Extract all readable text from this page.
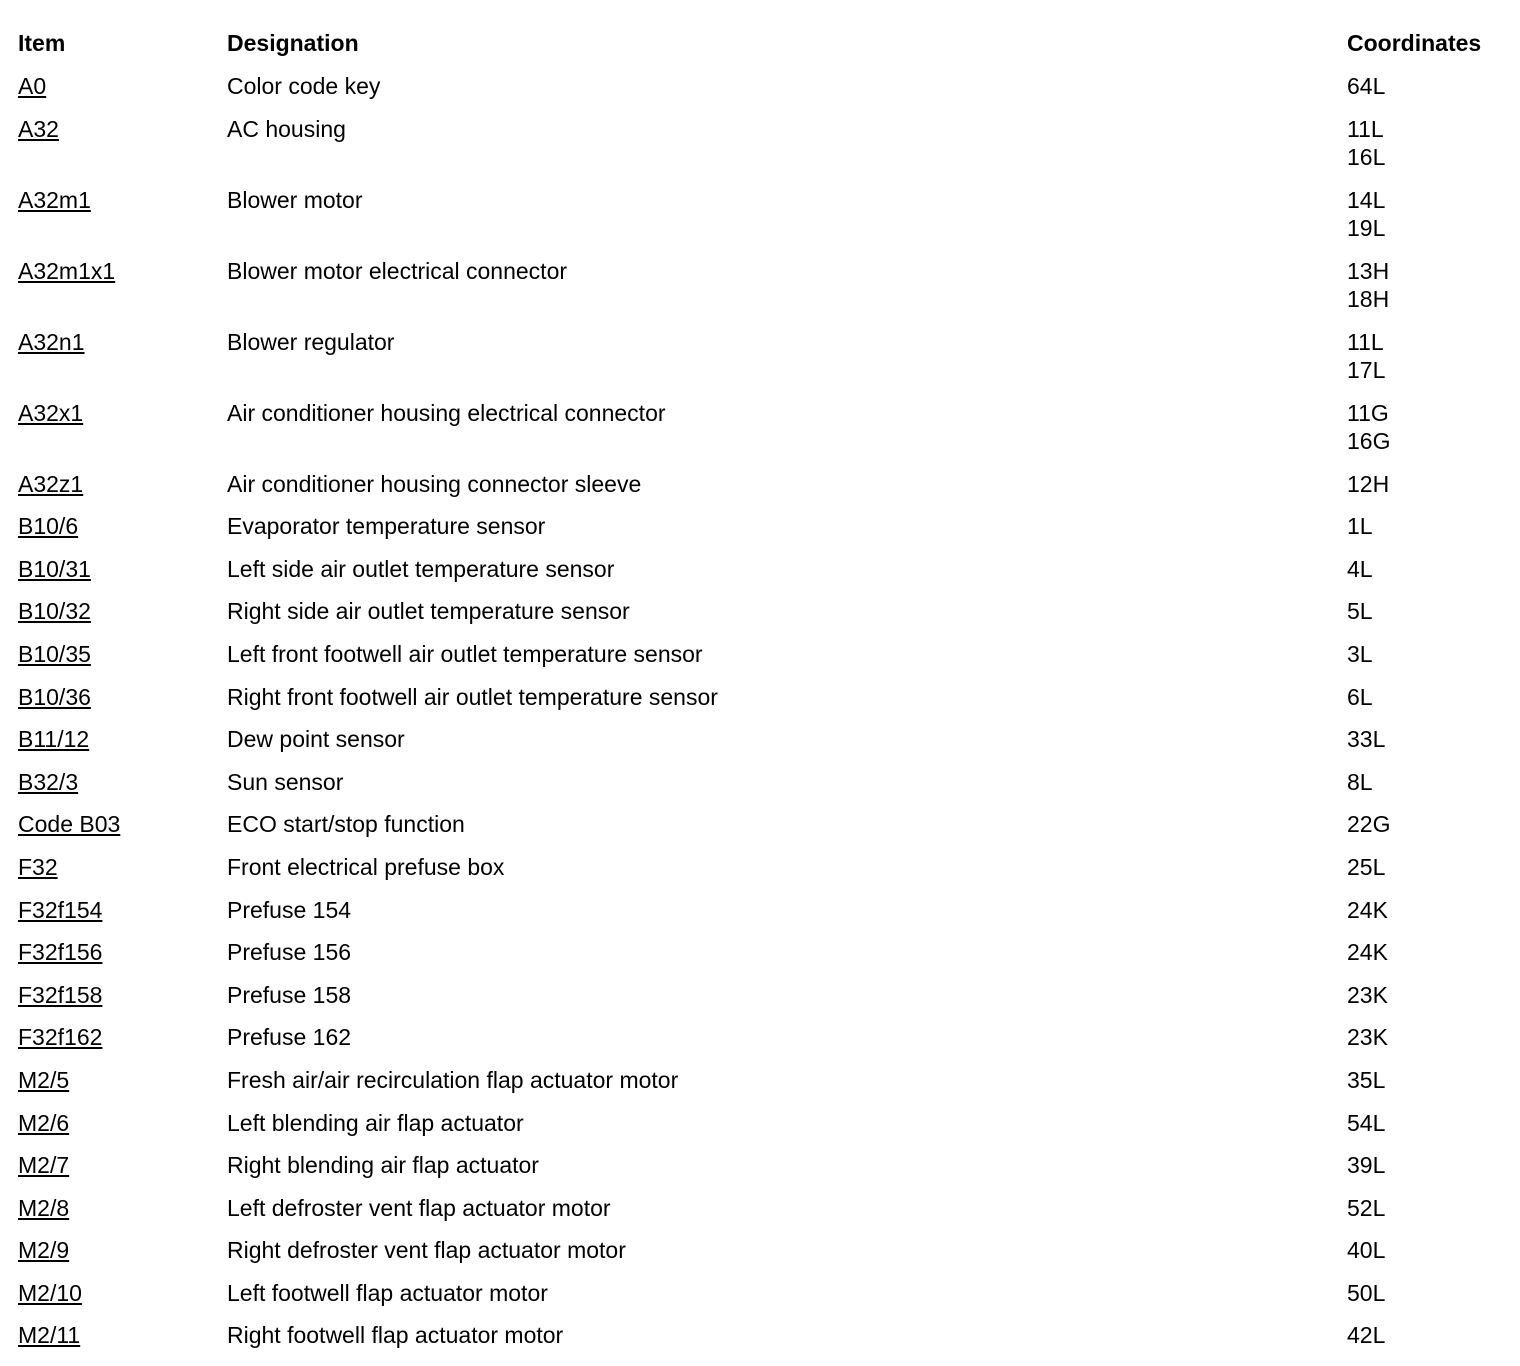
Item	Designation	Coordinates
A0	Color code key	64L

A32	AC housing	11L
16L

A32m1	Blower motor	14L
19L

A32m1x1	Blower motor electrical connector	13H
18H

A32n1	Blower regulator	11L
17L

A32x1	Air conditioner housing electrical connector	11G
16G

A32z1	Air conditioner housing connector sleeve	12H

B10/6	Evaporator temperature sensor	1L

B10/31	Left side air outlet temperature sensor	4L

B10/32	Right side air outlet temperature sensor	5L

B10/35	Left front footwell air outlet temperature sensor	3L

B10/36	Right front footwell air outlet temperature sensor	6L

B11/12	Dew point sensor	33L

B32/3	Sun sensor	8L

Code B03	ECO start/stop function	22G

F32	Front electrical prefuse box	25L

F32f154	Prefuse 154	24K

F32f156	Prefuse 156	24K

F32f158	Prefuse 158	23K

F32f162	Prefuse 162	23K

M2/5	Fresh air/air recirculation flap actuator motor	35L

M2/6	Left blending air flap actuator	54L

M2/7	Right blending air flap actuator	39L

M2/8	Left defroster vent flap actuator motor	52L

M2/9	Right defroster vent flap actuator motor	40L

M2/10	Left footwell flap actuator motor	50L

M2/11	Right footwell flap actuator motor	42L
